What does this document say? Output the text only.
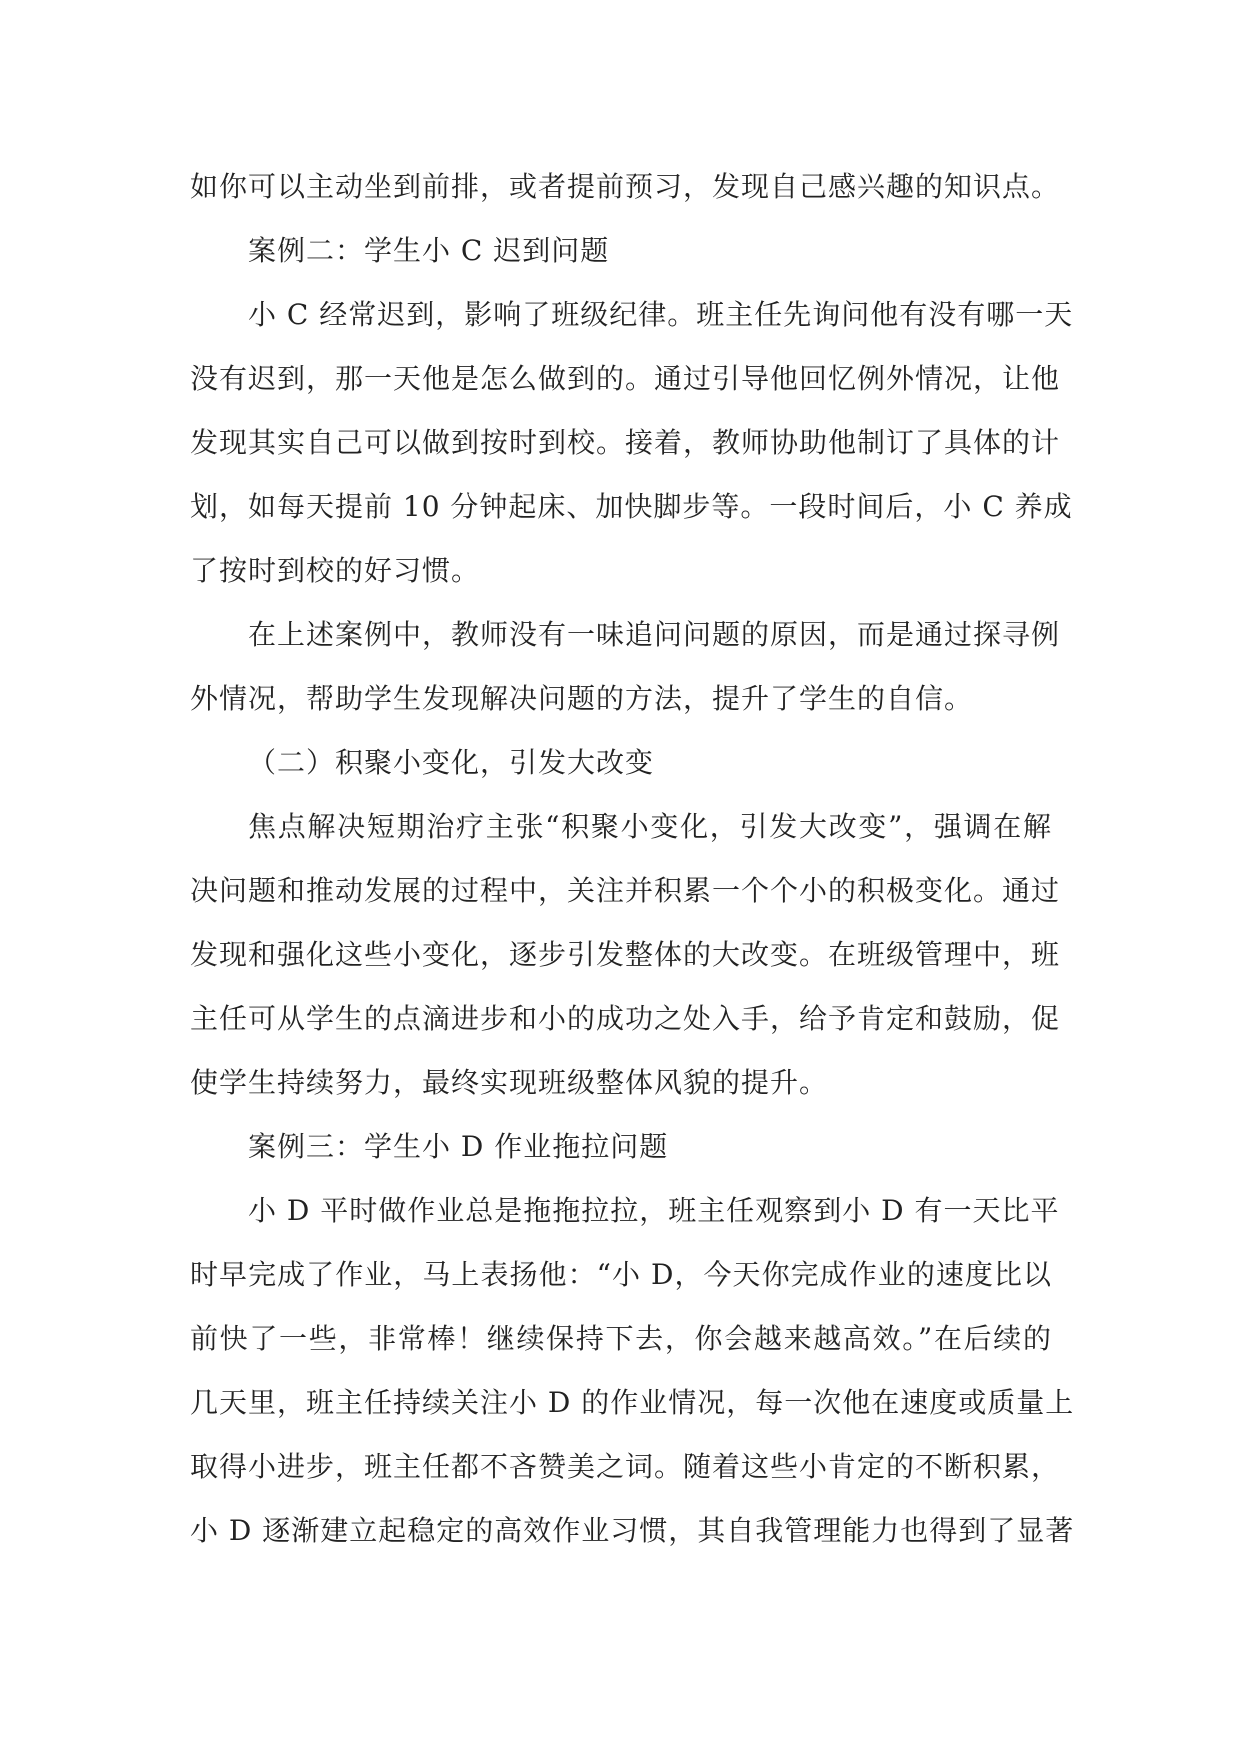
如你可以主动坐到前排，或者提前预习，发现自己感兴趣的知识点。
案例二：学生小 C 迟到问题
小 C 经常迟到，影响了班级纪律。班主任先询问他有没有哪一天
没有迟到，那一天他是怎么做到的。通过引导他回忆例外情况，让他
发现其实自己可以做到按时到校。接着，教师协助他制订了具体的计
划，如每天提前 10 分钟起床、加快脚步等。一段时间后，小 C 养成
了按时到校的好习惯。
在上述案例中，教师没有一味追问问题的原因，而是通过探寻例
外情况，帮助学生发现解决问题的方法，提升了学生的自信。
（二）积聚小变化，引发大改变
焦点解决短期治疗主张“积聚小变化，引发大改变”，强调在解
决问题和推动发展的过程中，关注并积累一个个小的积极变化。通过
发现和强化这些小变化，逐步引发整体的大改变。在班级管理中，班
主任可从学生的点滴进步和小的成功之处入手，给予肯定和鼓励，促
使学生持续努力，最终实现班级整体风貌的提升。
案例三：学生小 D 作业拖拉问题
小 D 平时做作业总是拖拖拉拉，班主任观察到小 D 有一天比平
时早完成了作业，马上表扬他：“小 D，今天你完成作业的速度比以
前快了一些，非常棒！继续保持下去，你会越来越高效。”在后续的
几天里，班主任持续关注小 D 的作业情况，每一次他在速度或质量上
取得小进步，班主任都不吝赞美之词。随着这些小肯定的不断积累，
小 D 逐渐建立起稳定的高效作业习惯，其自我管理能力也得到了显著
